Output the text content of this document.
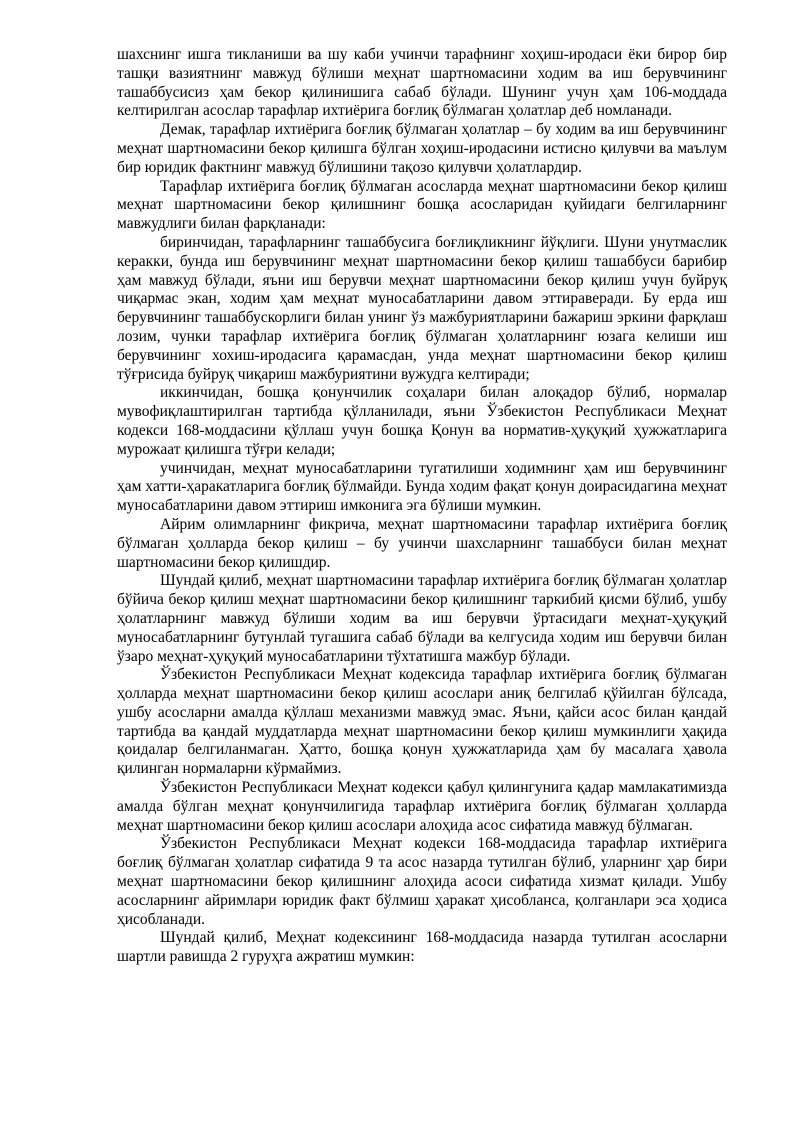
шахснинг ишга тикланиши ва шу каби учинчи тарафнинг хоҳиш-иродаси ёки бирор бир ташқи вазиятнинг мавжуд бўлиши меҳнат шартномасини ходим ва иш берувчининг ташаббусисиз ҳам бекор қилинишига сабаб бўлади. Шунинг учун ҳам 106-моддада келтирилган асослар тарафлар ихтиёрига боғлиқ бўлмаган ҳолатлар деб номланади.

Демак, тарафлар ихтиёрига боғлиқ бўлмаган ҳолатлар – бу ходим ва иш берувчининг меҳнат шартномасини бекор қилишга бўлган хоҳиш-иродасини истисно қилувчи ва маълум бир юридик фактнинг мавжуд бўлишини тақозо қилувчи ҳолатлардир.

Тарафлар ихтиёрига боғлиқ бўлмаган асосларда меҳнат шартномасини бекор қилиш меҳнат шартномасини бекор қилишнинг бошқа асосларидан қуйидаги белгиларнинг мавжудлиги билан фарқланади:

биринчидан, тарафларнинг ташаббусига боғлиқликнинг йўқлиги. Шуни унутмаслик керакки, бунда иш берувчининг меҳнат шартномасини бекор қилиш ташаббуси барибир ҳам мавжуд бўлади, яъни иш берувчи меҳнат шартномасини бекор қилиш учун буйруқ чиқармас экан, ходим ҳам меҳнат муносабатларини давом эттираверади. Бу ерда иш берувчининг ташаббускорлиги билан унинг ўз мажбуриятларини бажариш эркини фарқлаш лозим, чунки тарафлар ихтиёрига боғлиқ бўлмаган ҳолатларнинг юзага келиши иш берувчининг хохиш-иродасига қарамасдан, унда меҳнат шартномасини бекор қилиш тўғрисида буйруқ чиқариш мажбуриятини вужудга келтиради;

иккинчидан, бошқа қонунчилик соҳалари билан алоқадор бўлиб, нормалар мувофиқлаштирилган тартибда қўлланилади, яъни Ўзбекистон Республикаси Меҳнат кодекси 168-моддасини қўллаш учун бошқа Қонун ва норматив-ҳуқуқий ҳужжатларига мурожаат қилишга тўғри келади;

учинчидан, меҳнат муносабатларини тугатилиши ходимнинг ҳам иш берувчининг ҳам хатти-ҳаракатларига боғлиқ бўлмайди. Бунда ходим фақат қонун доирасидагина меҳнат муносабатларини давом эттириш имконига эга бўлиши мумкин.

Айрим олимларнинг фикрича, меҳнат шартномасини тарафлар ихтиёрига боғлиқ бўлмаган ҳолларда бекор қилиш – бу учинчи шахсларнинг ташаббуси билан меҳнат шартномасини бекор қилишдир.

Шундай қилиб, меҳнат шартномасини тарафлар ихтиёрига боғлиқ бўлмаган ҳолатлар бўйича бекор қилиш меҳнат шартномасини бекор қилишнинг таркибий қисми бўлиб, ушбу ҳолатларнинг мавжуд бўлиши ходим ва иш берувчи ўртасидаги меҳнат-ҳуқуқий муносабатларнинг бутунлай тугашига сабаб бўлади ва келгусида ходим иш берувчи билан ўзаро меҳнат-ҳуқуқий муносабатларини тўхтатишга мажбур бўлади.

Ўзбекистон Республикаси Меҳнат кодексида тарафлар ихтиёрига боғлиқ бўлмаган ҳолларда меҳнат шартномасини бекор қилиш асослари аниқ белгилаб қўйилган бўлсада, ушбу асосларни амалда қўллаш механизми мавжуд эмас. Яъни, қайси асос билан қандай тартибда ва қандай муддатларда меҳнат шартномасини бекор қилиш мумкинлиги ҳақида қоидалар белгиланмаган. Ҳатто, бошқа қонун ҳужжатларида ҳам бу масалага ҳавола қилинган нормаларни кўрмаймиз.

Ўзбекистон Республикаси Меҳнат кодекси қабул қилингунига қадар мамлакатимизда амалда бўлган меҳнат қонунчилигида тарафлар ихтиёрига боғлиқ бўлмаган ҳолларда меҳнат шартномасини бекор қилиш асослари алоҳида асос сифатида мавжуд бўлмаган.

Ўзбекистон Республикаси Меҳнат кодекси 168-моддасида тарафлар ихтиёрига боғлиқ бўлмаган ҳолатлар сифатида 9 та асос назарда тутилган бўлиб, уларнинг ҳар бири меҳнат шартномасини бекор қилишнинг алоҳида асоси сифатида хизмат қилади. Ушбу асосларнинг айримлари юридик факт бўлмиш ҳаракат ҳисобланса, қолганлари эса ҳодиса ҳисобланади.

Шундай қилиб, Меҳнат кодексининг 168-моддасида назарда тутилган асосларни шартли равишда 2 гуруҳга ажратиш мумкин:
